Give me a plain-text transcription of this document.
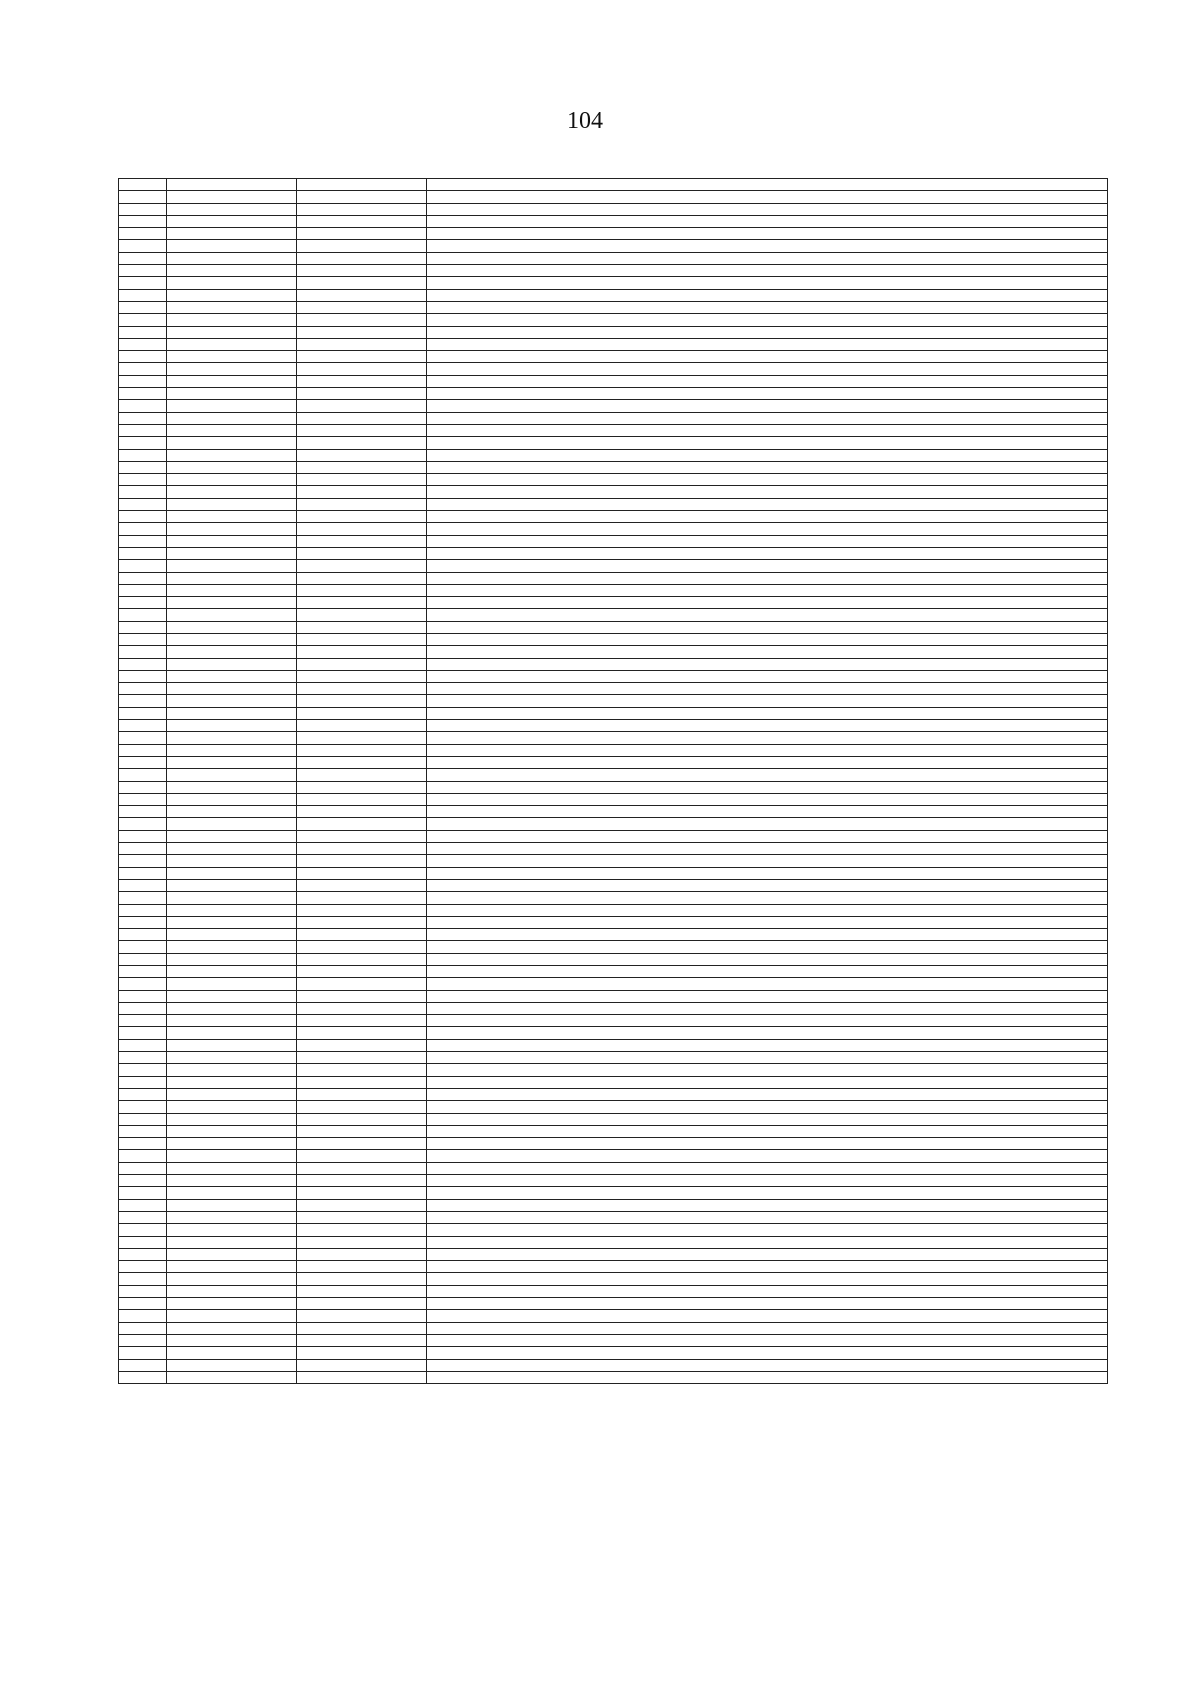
104
